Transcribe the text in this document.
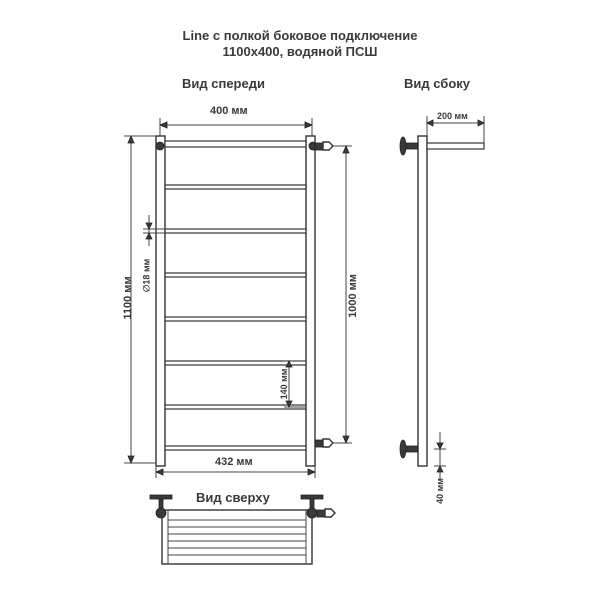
Line с полкой боковое подключение
1100х400, водяной ПСШ
Вид спереди	Вид сбоку
Вид сверху
400 мм
432 мм
1100 мм	1000 мм
∅18 мм
140 мм
200 мм
40 мм
